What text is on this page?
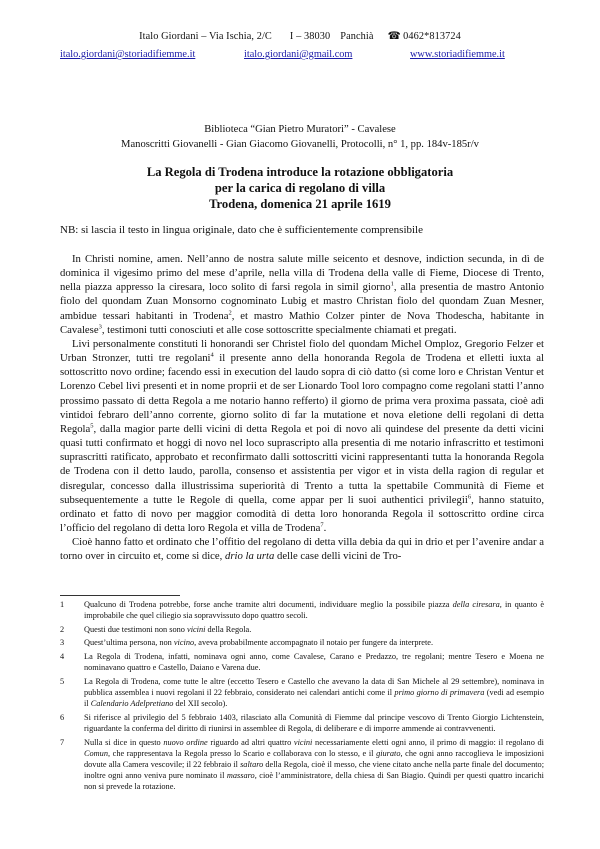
Italo Giordani – Via Ischia, 2/C I – 38030 Panchià ☎ 0462*813724
italo.giordani@storiadifiemme.it	italo.giordani@gmail.com	www.storiadifiemme.it
Biblioteca “Gian Pietro Muratori” - Cavalese
Manoscritti Giovanelli - Gian Giacomo Giovanelli, Protocolli, n° 1, pp. 184v-185r/v
La Regola di Trodena introduce la rotazione obbligatoria
per la carica di regolano di villa
Trodena, domenica 21 aprile 1619
NB: si lascia il testo in lingua originale, dato che è sufficientemente comprensibile

In Christi nomine, amen. Nell’anno de nostra salute mille seicento et desnove, indiction secunda, in dì de dominica il vigesimo primo del mese d’aprile, nella villa di Trodena della valle di Fieme, Diocese di Trento, nella piazza appresso la ciresara, loco solito di farsi regola in simil giorno$^1$, alla presentia de mastro Antonio fiolo del quondam Zuan Monsorno cognominato Lubig et mastro Christan fiolo del quondam Zuan Mesner, ambidue tessari habitanti in Trodena$^2$, et mastro Mathio Colzer pinter de Nova Thodescha, habitante in Cavalese$^3$, testimoni tutti conosciuti et alle cose sottoscritte specialmente chiamati et pregati.

Livi personalmente constituti li honorandi ser Christel fiolo del quondam Michel Omploz, Gregorio Felzer et Urban Stronzer, tutti tre regolani$^4$ il presente anno della honoranda Regola de Trodena et elletti iuxta al sottoscritto novo ordine; facendo essi in execution del laudo sopra di ciò datto (sì come loro e Christan Ventur et Lorenzo Cebel livi presenti et in nome proprii et de ser Lionardo Tool loro compagno come regolani statti l’anno prossimo passato di detta Regola a me notario hanno refferto) il giorno de prima vera proxima passata, cioè adì vintidoi febraro dell’anno corrente, giorno solito di far la mutatione et nova eletione delli regolani di detta Regola$^5$, dalla magior parte delli vicini di detta Regola et poi di novo ali quindese del presente da detti vicini quasi tutti confirmato et hoggi di novo nel loco suprascripto alla presentia di me notario infrascritto et testimoni suprascritti ratificato, approbato et reconfirmato dalli sottoscritti vicini rappresentanti tutta la honoranda Regola de Trodena con il detto laudo, parolla, consenso et assistentia per vigor et in vista della ragion di regular et disregular, concesso dalla illustrissima superiorità di Trento a tutta la spettabile Communità di Fieme et subsequentemente a tutte le Regole di quella, come appar per li suoi authentici privilegii$^6$, hanno statuito, ordinato et fatto di novo per maggior comodità di detta loro honoranda Regola il sottoscritto ordine circa l’officio del regolano di detta loro Regola et villa de Trodena$^7$.

Cioè hanno fatto et ordinato che l’offitio del regolano di detta villa debia da qui in drio et per l’avenire andar a torno over in circuito et, come si dice, drio la urta delle case delli vicini de Tro-

1 Qualcuno di Trodena potrebbe, forse anche tramite altri documenti, individuare meglio la possibile piazza della ciresara, in quanto è improbabile che quel ciliegio sia sopravvissuto dopo quattro secoli.
2 Questi due testimoni non sono vicini della Regola.
3 Quest’ultima persona, non vicino, aveva probabilmente accompagnato il notaio per fungere da interprete.
4 La Regola di Trodena, infatti, nominava ogni anno, come Cavalese, Carano e Predazzo, tre regolani; mentre Tesero e Moena ne nominavano quattro e Castello, Daiano e Varena due.
5 La Regola di Trodena, come tutte le altre (eccetto Tesero e Castello che avevano la data di San Michele al 29 settembre), nominava in pubblica assemblea i nuovi regolani il 22 febbraio, considerato nei calendari antichi come il primo giorno di primavera (vedi ad esempio il Calendario Adelpretiano del XII secolo).
6 Si riferisce al privilegio del 5 febbraio 1403, rilasciato alla Comunità di Fiemme dal principe vescovo di Trento Giorgio Lichtenstein, riguardante la conferma del diritto di riunirsi in assemblee di Regola, di deliberare e di imporre ammende ai contravvenenti.
7 Nulla si dice in questo nuovo ordine riguardo ad altri quattro vicini necessariamente eletti ogni anno, il primo di maggio: il regolano di Comun, che rappresentava la Regola presso lo Scario e collaborava con lo stesso, e il giurato, che ogni anno raccoglieva le imposizioni dovute alla Camera vescovile; il 22 febbraio il saltaro della Regola, cioè il messo, che viene citato anche nella parte finale del documento; inoltre ogni anno veniva pure nominato il massaro, cioè l’amministratore, della chiesa di San Biagio. Quindi per questi quattro incarichi non si prevede la rotazione.
